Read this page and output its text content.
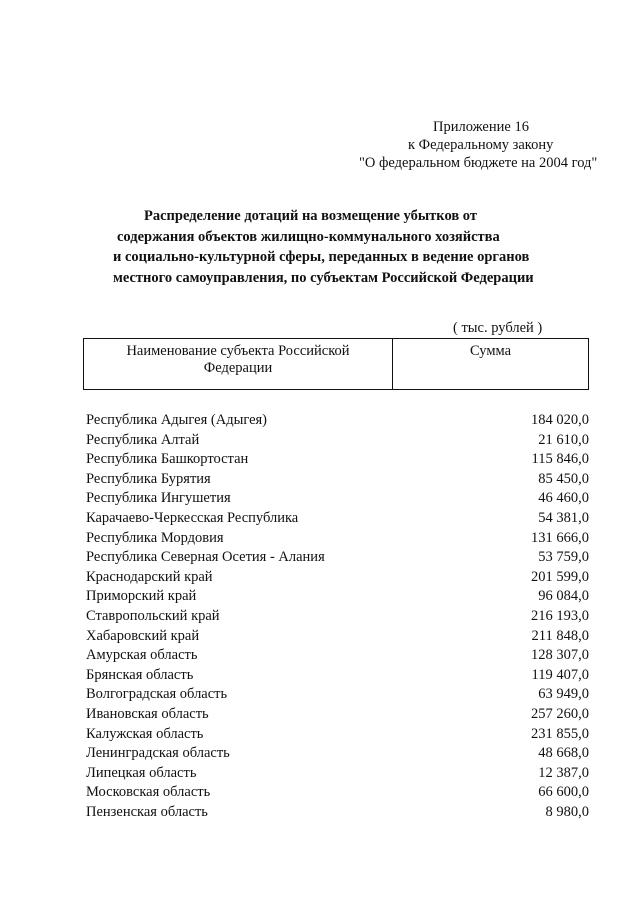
Приложение 16
к Федеральному закону
"О федеральном бюджете на 2004 год"
Распределение дотаций на возмещение убытков от
содержания объектов жилищно-коммунального хозяйства
и социально-культурной сферы, переданных в ведение органов
местного самоуправления, по субъектам Российской Федерации
( тыс. рублей )
Наименование субъекта Российской
Федерации	Сумма
Республика Адыгея (Адыгея)	184 020,0
Республика Алтай	21 610,0
Республика Башкортостан	115 846,0
Республика Бурятия	85 450,0
Республика Ингушетия	46 460,0
Карачаево-Черкесская Республика	54 381,0
Республика Мордовия	131 666,0
Республика Северная Осетия - Алания	53 759,0
Краснодарский край	201 599,0
Приморский край	96 084,0
Ставропольский край	216 193,0
Хабаровский край	211 848,0
Амурская область	128 307,0
Брянская область	119 407,0
Волгоградская область	63 949,0
Ивановская область	257 260,0
Калужская область	231 855,0
Ленинградская область	48 668,0
Липецкая область	12 387,0
Московская область	66 600,0
Пензенская область	8 980,0
